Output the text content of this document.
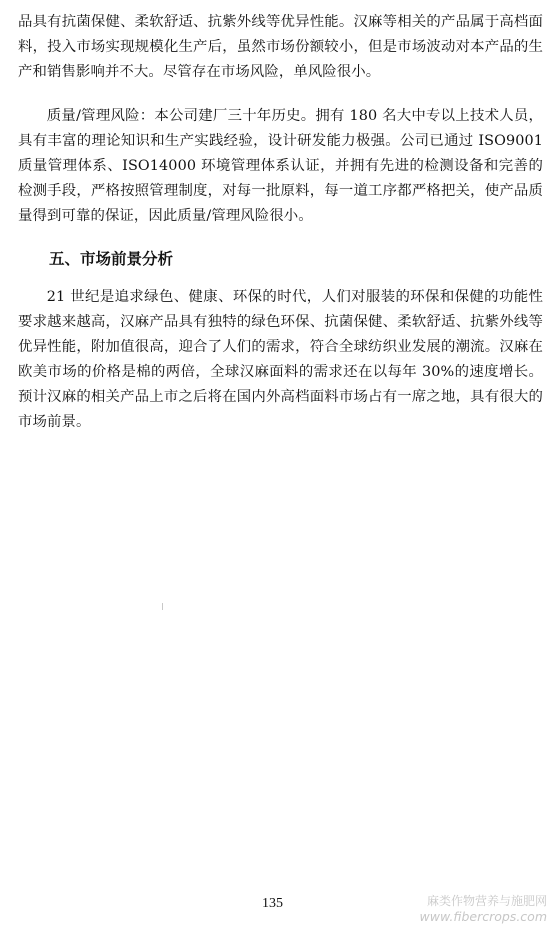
品具有抗菌保健、柔软舒适、抗紫外线等优异性能。汉麻等相关的产品属于高档面料，投入市场实现规模化生产后，虽然市场份额较小，但是市场波动对本产品的生产和销售影响并不大。尽管存在市场风险，单风险很小。

质量/管理风险：本公司建厂三十年历史。拥有 180 名大中专以上技术人员，具有丰富的理论知识和生产实践经验，设计研发能力极强。公司已通过 ISO9001 质量管理体系、ISO14000 环境管理体系认证，并拥有先进的检测设备和完善的检测手段，严格按照管理制度，对每一批原料，每一道工序都严格把关，使产品质量得到可靠的保证，因此质量/管理风险很小。

五、市场前景分析

21 世纪是追求绿色、健康、环保的时代，人们对服装的环保和保健的功能性要求越来越高，汉麻产品具有独特的绿色环保、抗菌保健、柔软舒适、抗紫外线等优异性能，附加值很高，迎合了人们的需求，符合全球纺织业发展的潮流。汉麻在欧美市场的价格是棉的两倍，全球汉麻面料的需求还在以每年 30%的速度增长。预计汉麻的相关产品上市之后将在国内外高档面料市场占有一席之地，具有很大的市场前景。

135	麻类作物营养与施肥网
www.fibercrops.com
